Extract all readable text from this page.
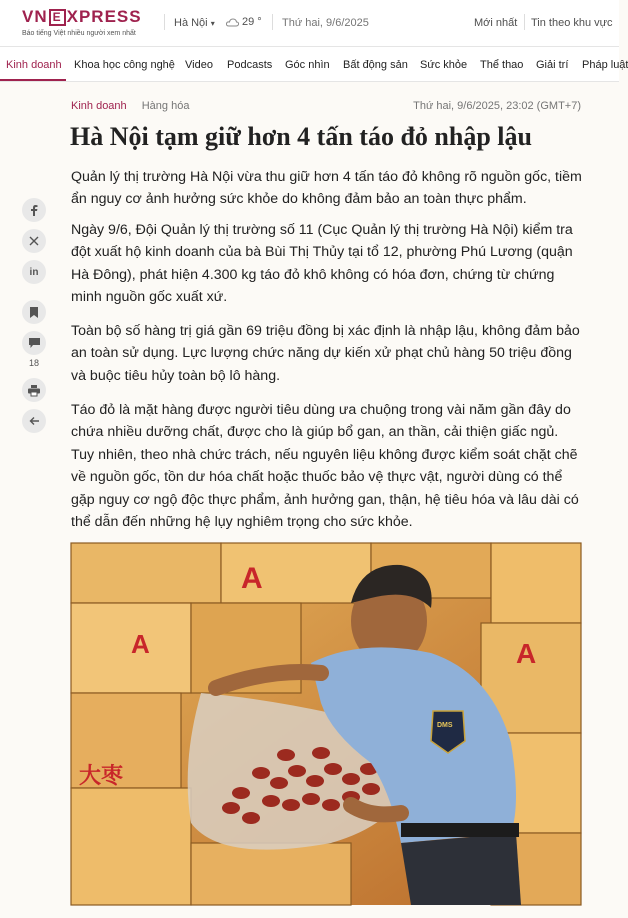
VN E XPRESS
Báo tiếng Việt nhiều người xem nhất
Hà Nội ▾ 29 ° Thứ hai, 9/6/2025	Mới nhất Tin theo khu vực
Kinh doanh Khoa học công nghệ Video Podcasts Góc nhìn Bất động sản Sức khỏe Thể thao Giải trí Pháp luật
Kinh doanh Hàng hóa	Thứ hai, 9/6/2025, 23:02 (GMT+7)
Hà Nội tạm giữ hơn 4 tấn táo đỏ nhập lậu

Quản lý thị trường Hà Nội vừa thu giữ hơn 4 tấn táo đỏ không rõ nguồn gốc, tiềm ẩn nguy cơ ảnh hưởng sức khỏe do không đảm bảo an toàn thực phẩm.

Ngày 9/6, Đội Quản lý thị trường số 11 (Cục Quản lý thị trường Hà Nội) kiểm tra đột xuất hộ kinh doanh của bà Bùi Thị Thủy tại tổ 12, phường Phú Lương (quận Hà Đông), phát hiện 4.300 kg táo đỏ khô không có hóa đơn, chứng từ chứng minh nguồn gốc xuất xứ.

Toàn bộ số hàng trị giá gần 69 triệu đồng bị xác định là nhập lậu, không đảm bảo an toàn sử dụng. Lực lượng chức năng dự kiến xử phạt chủ hàng 50 triệu đồng và buộc tiêu hủy toàn bộ lô hàng.

Táo đỏ là mặt hàng được người tiêu dùng ưa chuộng trong vài năm gần đây do chứa nhiều dưỡng chất, được cho là giúp bổ gan, an thần, cải thiện giấc ngủ. Tuy nhiên, theo nhà chức trách, nếu nguyên liệu không được kiểm soát chặt chẽ về nguồn gốc, tồn dư hóa chất hoặc thuốc bảo vệ thực vật, người dùng có thể gặp nguy cơ ngộ độc thực phẩm, ảnh hưởng gan, thận, hệ tiêu hóa và lâu dài có thể dẫn đến những hệ lụy nghiêm trọng cho sức khỏe.

in
18
A
大枣
A
A
DMS
